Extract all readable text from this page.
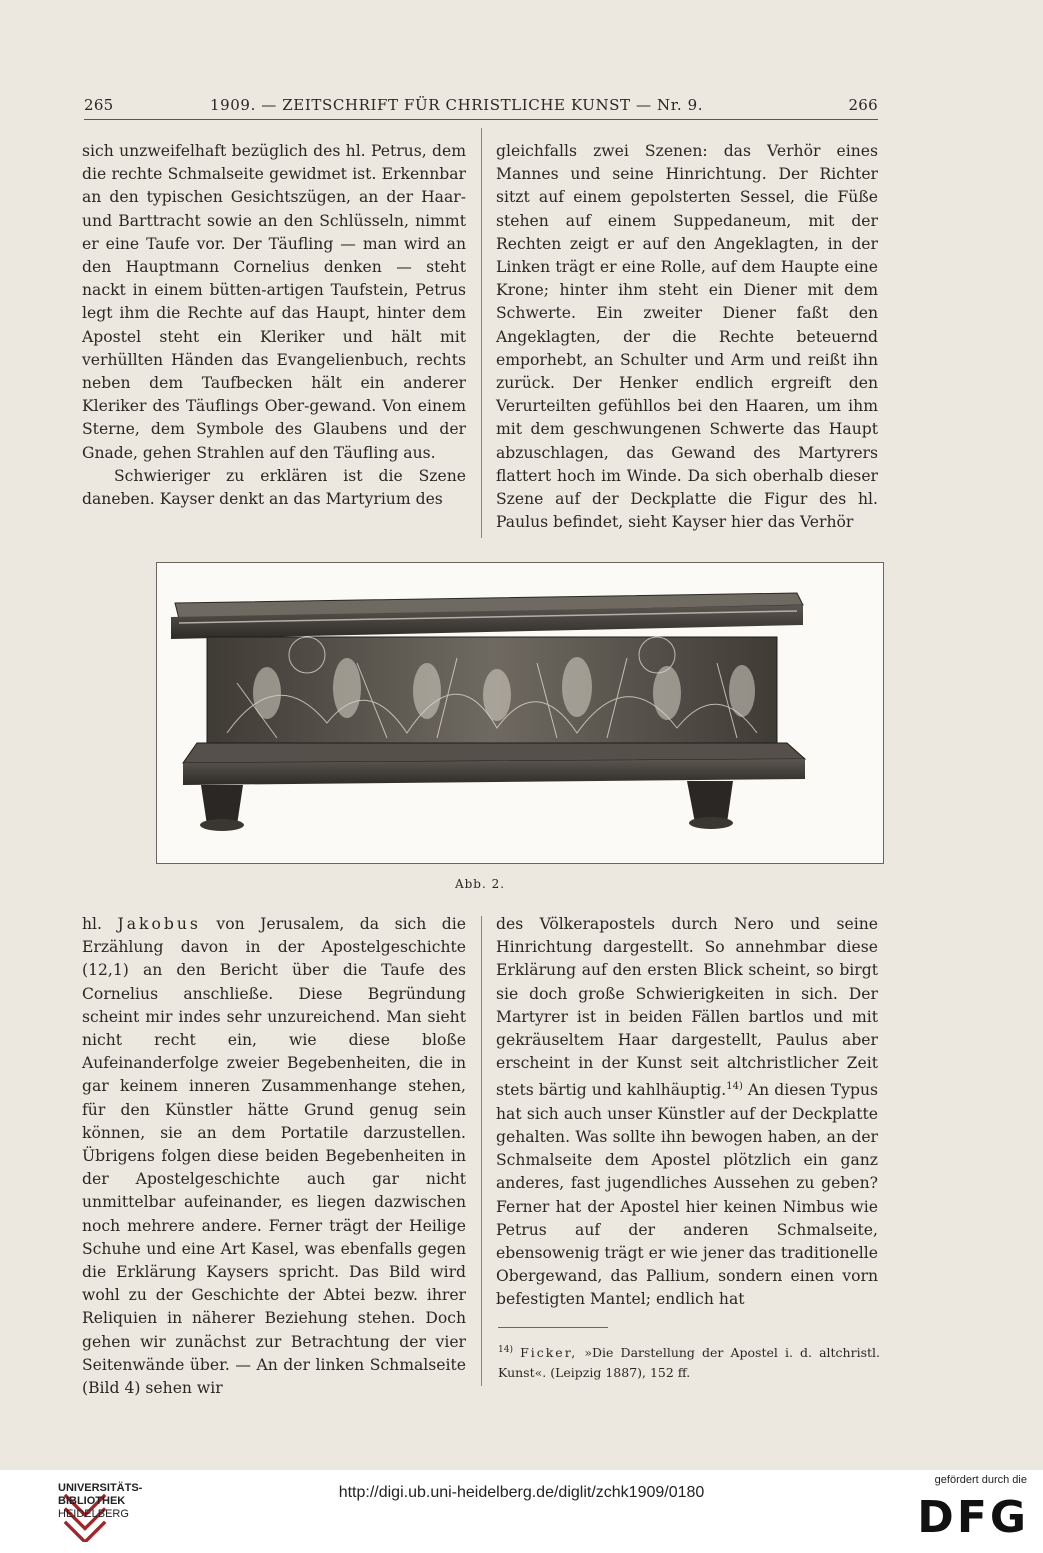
265	1909. — ZEITSCHRIFT FÜR CHRISTLICHE KUNST — Nr. 9.	266

sich unzweifelhaft bezüglich des hl. Petrus, dem die rechte Schmalseite gewidmet ist. Erkennbar an den typischen Gesichtszügen, an der Haar- und Barttracht sowie an den Schlüsseln, nimmt er eine Taufe vor. Der Täufling — man wird an den Hauptmann Cornelius denken — steht nackt in einem bütten-artigen Taufstein, Petrus legt ihm die Rechte auf das Haupt, hinter dem Apostel steht ein Kleriker und hält mit verhüllten Händen das Evangelienbuch, rechts neben dem Taufbecken hält ein anderer Kleriker des Täuflings Ober-gewand. Von einem Sterne, dem Symbole des Glaubens und der Gnade, gehen Strahlen auf den Täufling aus.

Schwieriger zu erklären ist die Szene daneben. Kayser denkt an das Martyrium des

gleichfalls zwei Szenen: das Verhör eines Mannes und seine Hinrichtung. Der Richter sitzt auf einem gepolsterten Sessel, die Füße stehen auf einem Suppedaneum, mit der Rechten zeigt er auf den Angeklagten, in der Linken trägt er eine Rolle, auf dem Haupte eine Krone; hinter ihm steht ein Diener mit dem Schwerte. Ein zweiter Diener faßt den Angeklagten, der die Rechte beteuernd emporhebt, an Schulter und Arm und reißt ihn zurück. Der Henker endlich ergreift den Verurteilten gefühllos bei den Haaren, um ihm mit dem geschwungenen Schwerte das Haupt abzuschlagen, das Gewand des Martyrers flattert hoch im Winde. Da sich oberhalb dieser Szene auf der Deckplatte die Figur des hl. Paulus befindet, sieht Kayser hier das Verhör

Abb. 2.

hl. Jakobus von Jerusalem, da sich die Erzählung davon in der Apostelgeschichte (12,1) an den Bericht über die Taufe des Cornelius anschließe. Diese Begründung scheint mir indes sehr unzureichend. Man sieht nicht recht ein, wie diese bloße Aufeinanderfolge zweier Begebenheiten, die in gar keinem inneren Zusammenhange stehen, für den Künstler hätte Grund genug sein können, sie an dem Portatile darzustellen. Übrigens folgen diese beiden Begebenheiten in der Apostelgeschichte auch gar nicht unmittelbar aufeinander, es liegen dazwischen noch mehrere andere. Ferner trägt der Heilige Schuhe und eine Art Kasel, was ebenfalls gegen die Erklärung Kaysers spricht. Das Bild wird wohl zu der Geschichte der Abtei bezw. ihrer Reliquien in näherer Beziehung stehen. Doch gehen wir zunächst zur Betrachtung der vier Seitenwände über. — An der linken Schmalseite (Bild 4) sehen wir

des Völkerapostels durch Nero und seine Hinrichtung dargestellt. So annehmbar diese Erklärung auf den ersten Blick scheint, so birgt sie doch große Schwierigkeiten in sich. Der Martyrer ist in beiden Fällen bartlos und mit gekräuseltem Haar dargestellt, Paulus aber erscheint in der Kunst seit altchristlicher Zeit stets bärtig und kahlhäuptig.$^{14)}$ An diesen Typus hat sich auch unser Künstler auf der Deckplatte gehalten. Was sollte ihn bewogen haben, an der Schmalseite dem Apostel plötzlich ein ganz anderes, fast jugendliches Aussehen zu geben? Ferner hat der Apostel hier keinen Nimbus wie Petrus auf der anderen Schmalseite, ebensowenig trägt er wie jener das traditionelle Obergewand, das Pallium, sondern einen vorn befestigten Mantel; endlich hat

$^{14)}$ Ficker, »Die Darstellung der Apostel i. d. altchristl. Kunst«. (Leipzig 1887), 152 ff.
UNIVERSITÄTS-
BIBLIOTHEK
HEIDELBERG
http://digi.ub.uni-heidelberg.de/diglit/zchk1909/0180
gefördert durch die
DFG
